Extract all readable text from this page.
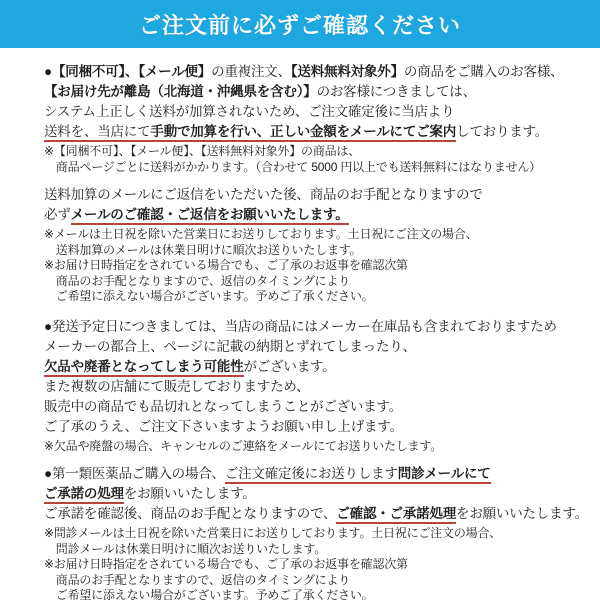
ご注文前に必ずご確認ください
●【同梱不可】、【メール便】の重複注文、【送料無料対象外】の商品をご購入のお客様、
【お届け先が離島（北海道・沖縄県を含む）】のお客様につきましては、
システム上正しく送料が加算されないため、ご注文確定後に当店より
送料を、当店にて手動で加算を行い、正しい金額をメールにてご案内しております。
※【同梱不可】、【メール便】、【送料無料対象外】の商品は、
　商品ページごとに送料がかかります。（合わせて 5000 円以上でも送料無料にはなりません）
送料加算のメールにご返信をいただいた後、商品のお手配となりますので
必ずメールのご確認・ご返信をお願いいたします。
※メールは土日祝を除いた営業日にお送りしております。土日祝にご注文の場合、
　送料加算のメールは休業日明けに順次お送りいたします。
※お届け日時指定をされている場合でも、ご了承のお返事を確認次第
　商品のお手配となりますので、返信のタイミングにより
　ご希望に添えない場合がございます。予めご了承ください。
●発送予定日につきましては、当店の商品にはメーカー在庫品も含まれておりますため
メーカーの都合上、ページに記載の納期とずれてしまったり、
欠品や廃番となってしまう可能性がございます。
また複数の店舗にて販売しておりますため、
販売中の商品でも品切れとなってしまうことがございます。
ご了承のうえ、ご注文下さいますようお願い申し上げます。
※欠品や廃盤の場合、キャンセルのご連絡をメールにてお送りいたします。
●第一類医薬品ご購入の場合、ご注文確定後にお送りします問診メールにて
ご承諾の処理をお願いいたします。
ご承諾を確認後、商品のお手配となりますので、ご確認・ご承諾処理をお願いいたします。
※問診メールは土日祝を除いた営業日にお送りしております。土日祝にご注文の場合、
　問診メールは休業日明けに順次お送りいたします。
※お届け日時指定をされている場合でも、ご了承のお返事を確認次第
　商品のお手配となりますので、返信のタイミングにより
　ご希望に添えない場合がございます。予めご了承ください。
